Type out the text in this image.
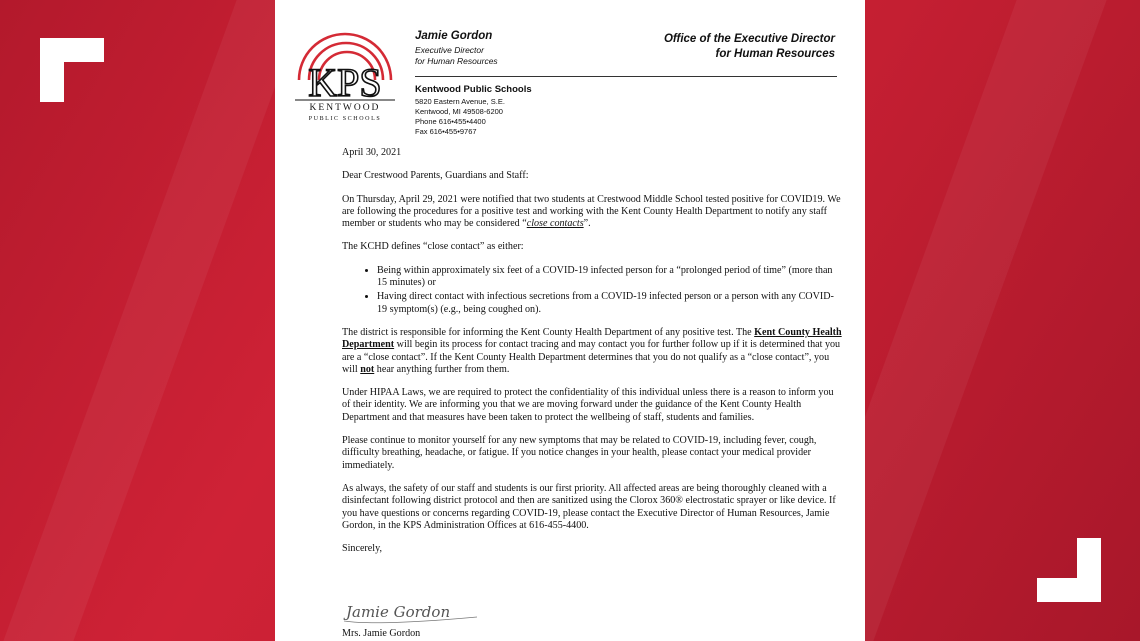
KPS
KENTWOOD
PUBLIC SCHOOLS
Jamie Gordon
Executive Director
for Human Resources
Office of the Executive Director
for Human Resources
Kentwood Public Schools
5820 Eastern Avenue, S.E.
Kentwood, MI 49508-6200
Phone 616•455•4400
Fax 616•455•9767

April 30, 2021

Dear Crestwood Parents, Guardians and Staff:

On Thursday, April 29, 2021 were notified that two students at Crestwood Middle School tested positive for COVID19. We are following the procedures for a positive test and working with the Kent County Health Department to notify any staff member or students who may be considered “close contacts”.

The KCHD defines “close contact” as either:

• Being within approximately six feet of a COVID-19 infected person for a “prolonged period of time” (more than 15 minutes) or
• Having direct contact with infectious secretions from a COVID-19 infected person or a person with any COVID-19 symptom(s) (e.g., being coughed on).

The district is responsible for informing the Kent County Health Department of any positive test. The Kent County Health Department will begin its process for contact tracing and may contact you for further follow up if it is determined that you are a “close contact”. If the Kent County Health Department determines that you do not qualify as a “close contact”, you will not hear anything further from them.

Under HIPAA Laws, we are required to protect the confidentiality of this individual unless there is a reason to inform you of their identity. We are informing you that we are moving forward under the guidance of the Kent County Health Department and that measures have been taken to protect the wellbeing of staff, students and families.

Please continue to monitor yourself for any new symptoms that may be related to COVID-19, including fever, cough, difficulty breathing, headache, or fatigue. If you notice changes in your health, please contact your medical provider immediately.

As always, the safety of our staff and students is our first priority. All affected areas are being thoroughly cleaned with a disinfectant following district protocol and then are sanitized using the Clorox 360® electrostatic sprayer or like device. If you have questions or concerns regarding COVID-19, please contact the Executive Director of Human Resources, Jamie Gordon, in the KPS Administration Offices at 616-455-4400.

Sincerely,

Jamie Gordon
Mrs. Jamie Gordon
